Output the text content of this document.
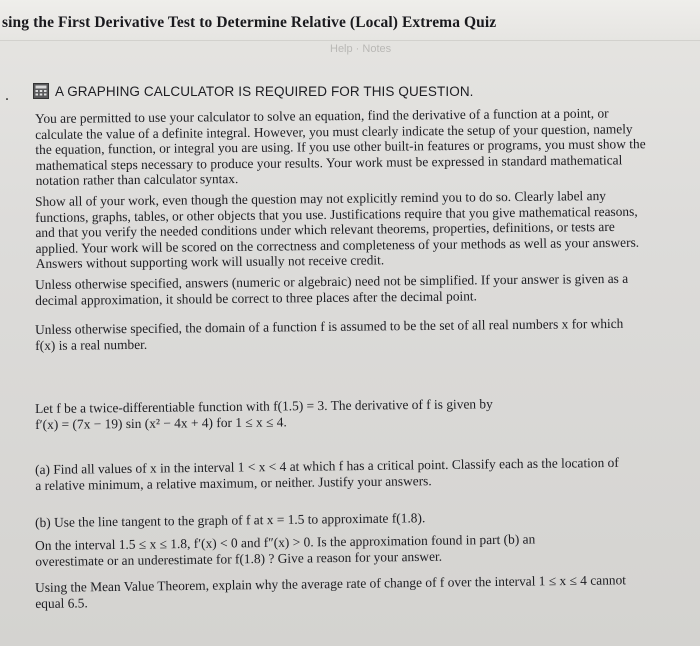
sing the First Derivative Test to Determine Relative (Local) Extrema Quiz
Help · Notes
.	A GRAPHING CALCULATOR IS REQUIRED FOR THIS QUESTION.
You are permitted to use your calculator to solve an equation, find the derivative of a function at a point, or
calculate the value of a definite integral. However, you must clearly indicate the setup of your question, namely
the equation, function, or integral you are using. If you use other built-in features or programs, you must show the
mathematical steps necessary to produce your results. Your work must be expressed in standard mathematical
notation rather than calculator syntax.
Show all of your work, even though the question may not explicitly remind you to do so. Clearly label any
functions, graphs, tables, or other objects that you use. Justifications require that you give mathematical reasons,
and that you verify the needed conditions under which relevant theorems, properties, definitions, or tests are
applied. Your work will be scored on the correctness and completeness of your methods as well as your answers.
Answers without supporting work will usually not receive credit.
Unless otherwise specified, answers (numeric or algebraic) need not be simplified. If your answer is given as a
decimal approximation, it should be correct to three places after the decimal point.
Unless otherwise specified, the domain of a function f is assumed to be the set of all real numbers x for which
f(x) is a real number.
Let f be a twice-differentiable function with f(1.5) = 3. The derivative of f is given by
f′(x) = (7x − 19) sin (x² − 4x + 4) for 1 ≤ x ≤ 4.
(a) Find all values of x in the interval 1 < x < 4 at which f has a critical point. Classify each as the location of
a relative minimum, a relative maximum, or neither. Justify your answers.
(b) Use the line tangent to the graph of f at x = 1.5 to approximate f(1.8).
On the interval 1.5 ≤ x ≤ 1.8, f′(x) < 0 and f″(x) > 0. Is the approximation found in part (b) an
overestimate or an underestimate for f(1.8) ? Give a reason for your answer.
Using the Mean Value Theorem, explain why the average rate of change of f over the interval 1 ≤ x ≤ 4 cannot
equal 6.5.
